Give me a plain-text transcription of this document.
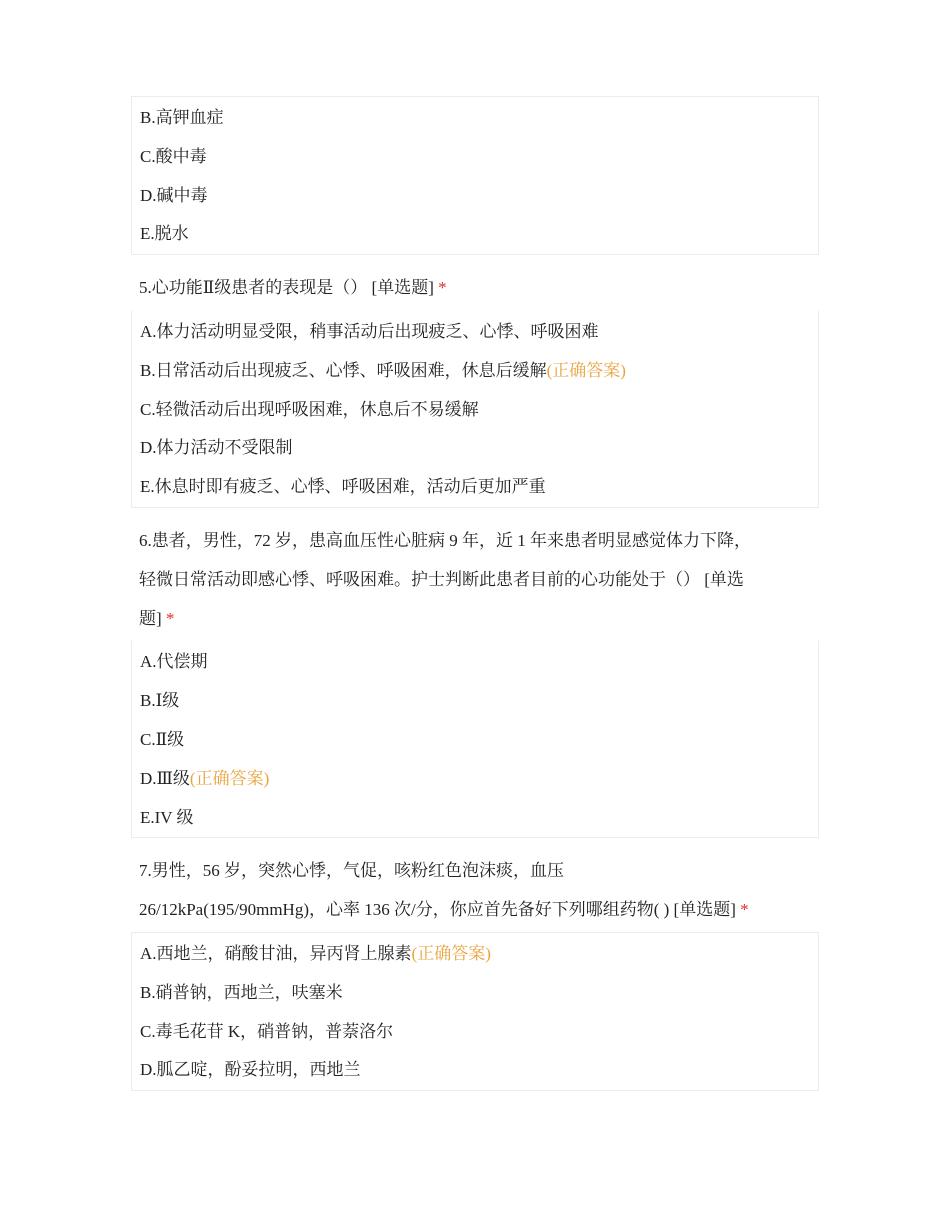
B.高钾血症
C.酸中毒
D.碱中毒
E.脱水
5.心功能Ⅱ级患者的表现是（） [单选题] *
A.体力活动明显受限，稍事活动后出现疲乏、心悸、呼吸困难
B.日常活动后出现疲乏、心悸、呼吸困难，休息后缓解(正确答案)
C.轻微活动后出现呼吸困难，休息后不易缓解
D.体力活动不受限制
E.休息时即有疲乏、心悸、呼吸困难，活动后更加严重
6.患者，男性，72 岁，患高血压性心脏病 9 年，近 1 年来患者明显感觉体力下降，
轻微日常活动即感心悸、呼吸困难。护士判断此患者目前的心功能处于（） [单选
题] *
A.代偿期
B.Ⅰ级
C.Ⅱ级
D.Ⅲ级(正确答案)
E.IV 级
7.男性，56 岁，突然心悸，气促，咳粉红色泡沫痰，血压
26/12kPa(195/90mmHg)，心率 136 次/分，你应首先备好下列哪组药物( ) [单选题] *
A.西地兰，硝酸甘油，异丙肾上腺素(正确答案)
B.硝普钠，西地兰，呋塞米
C.毒毛花苷 K，硝普钠，普萘洛尔
D.胍乙啶，酚妥拉明，西地兰
